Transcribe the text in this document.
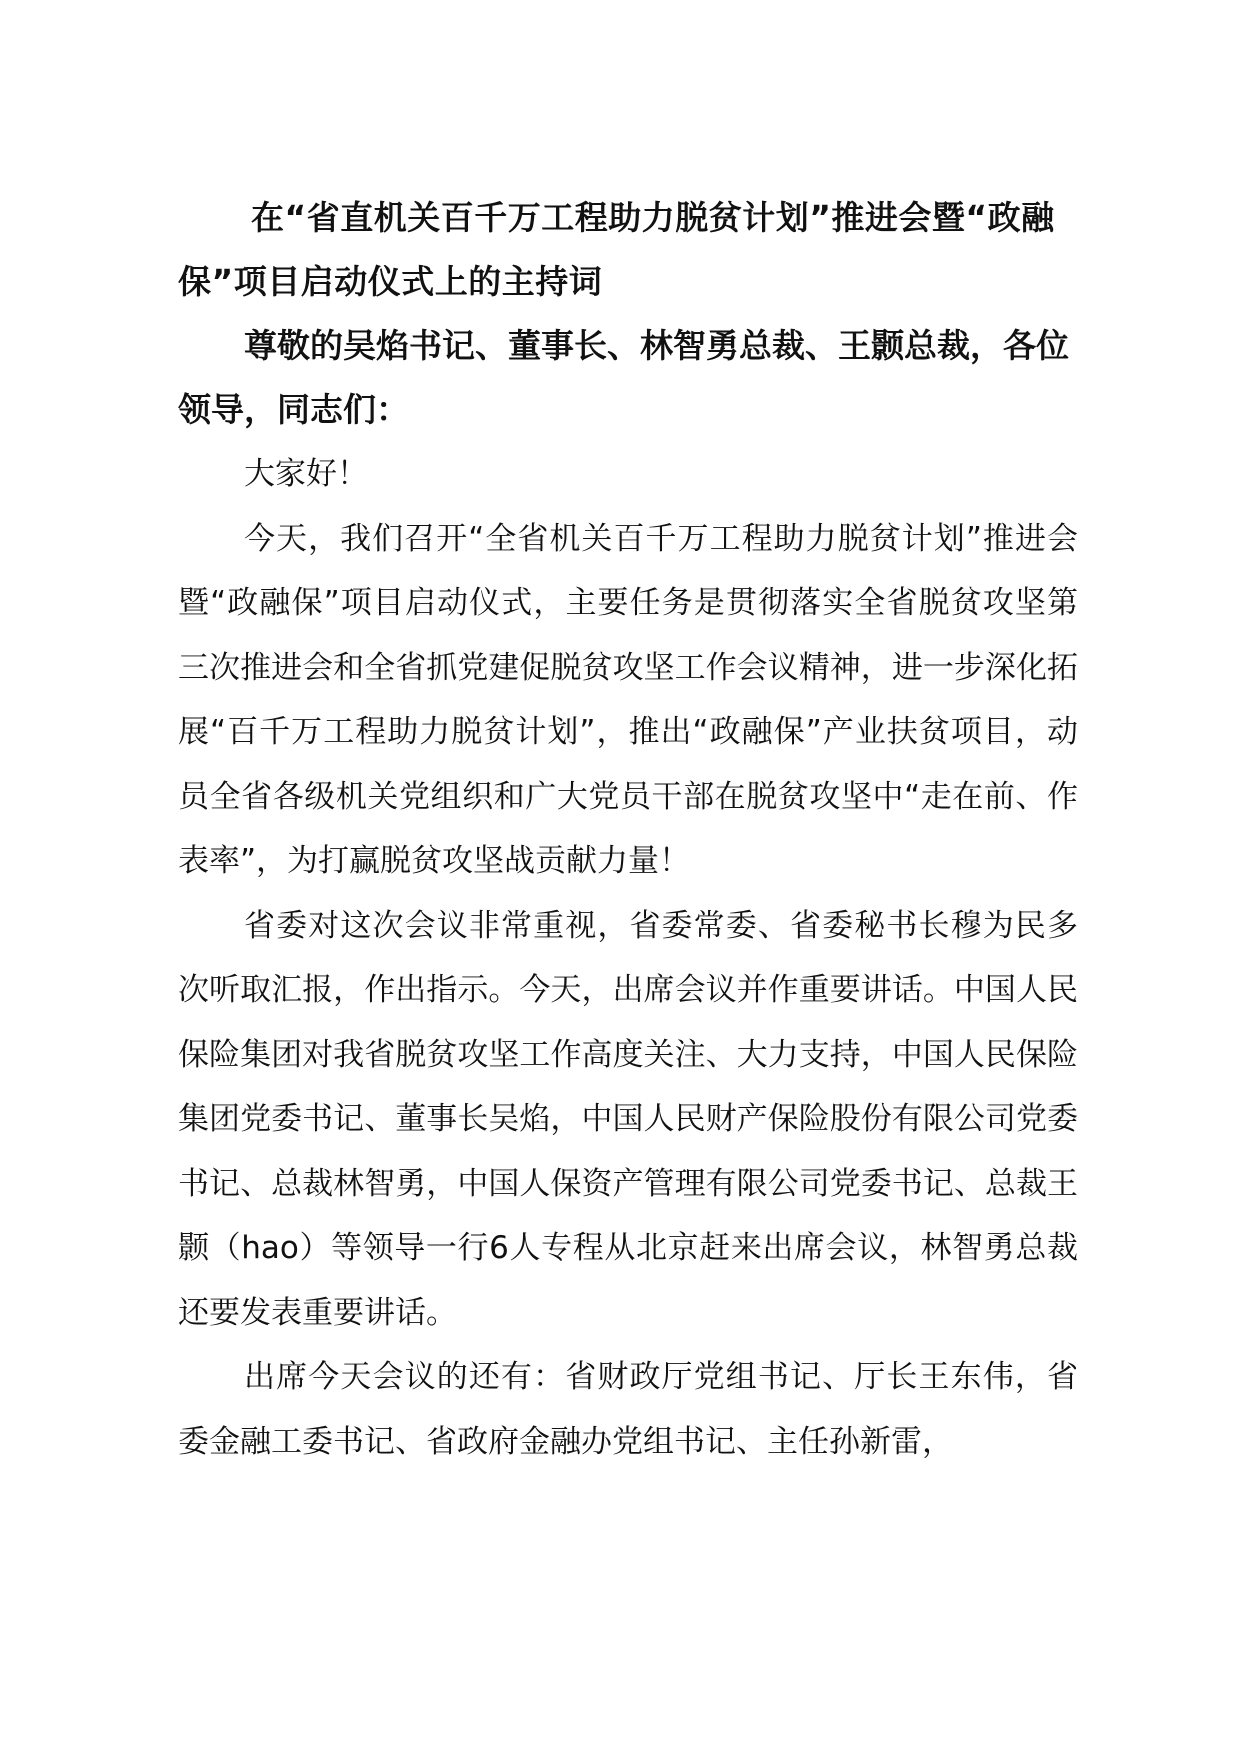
在“省直机关百千万工程助力脱贫计划”推进会暨“政融保”项目启动仪式上的主持词

尊敬的吴焰书记、董事长、林智勇总裁、王颢总裁，各位领导，同志们：

大家好！

今天，我们召开“全省机关百千万工程助力脱贫计划”推进会暨“政融保”项目启动仪式，主要任务是贯彻落实全省脱贫攻坚第三次推进会和全省抓党建促脱贫攻坚工作会议精神，进一步深化拓展“百千万工程助力脱贫计划”，推出“政融保”产业扶贫项目，动员全省各级机关党组织和广大党员干部在脱贫攻坚中“走在前、作表率”，为打赢脱贫攻坚战贡献力量！

省委对这次会议非常重视，省委常委、省委秘书长穆为民多次听取汇报，作出指示。今天，出席会议并作重要讲话。中国人民保险集团对我省脱贫攻坚工作高度关注、大力支持，中国人民保险集团党委书记、董事长吴焰，中国人民财产保险股份有限公司党委书记、总裁林智勇，中国人保资产管理有限公司党委书记、总裁王颢（hao）等领导一行6人专程从北京赶来出席会议，林智勇总裁还要发表重要讲话。

出席今天会议的还有：省财政厅党组书记、厅长王东伟，省委金融工委书记、省政府金融办党组书记、主任孙新雷，
